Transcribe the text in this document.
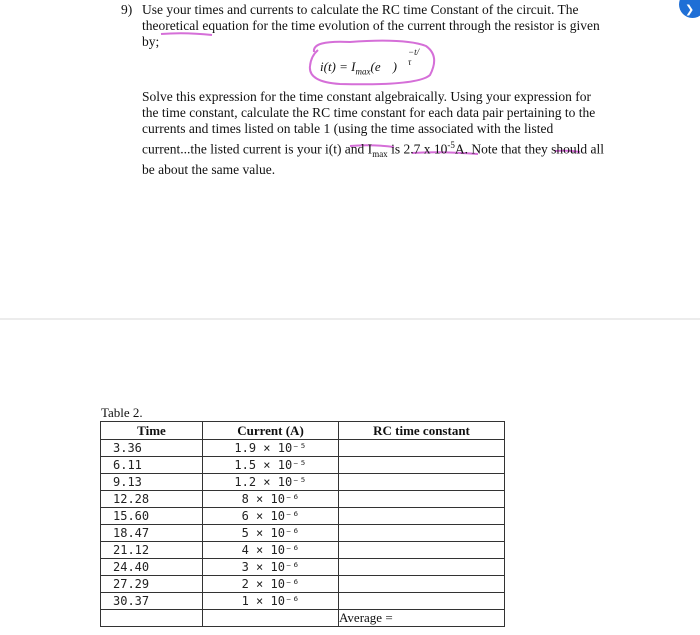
❯
9) Use your times and currents to calculate the RC time Constant of the circuit. The theoretical equation for the time evolution of the current through the resistor is given by;
$i(t) = I_{max}(e$
−t/τ
)
Solve this expression for the time constant algebraically. Using your expression for the time constant, calculate the RC time constant for each data pair pertaining to the currents and times listed on table 1 (using the time associated with the listed current...the listed current is your i(t) and $I_{max}$ is 2.7 x $10^{-5}A$. Note that they should all be about the same value.
Table 2.
Time	Current (A)	RC time constant
3.36	1.9 × 10⁻⁵	
6.11	1.5 × 10⁻⁵	
9.13	1.2 × 10⁻⁵	
12.28	8 × 10⁻⁶	
15.60	6 × 10⁻⁶	
18.47	5 × 10⁻⁶	
21.12	4 × 10⁻⁶	
24.40	3 × 10⁻⁶	
27.29	2 × 10⁻⁶	
30.37	1 × 10⁻⁶	
		Average =
